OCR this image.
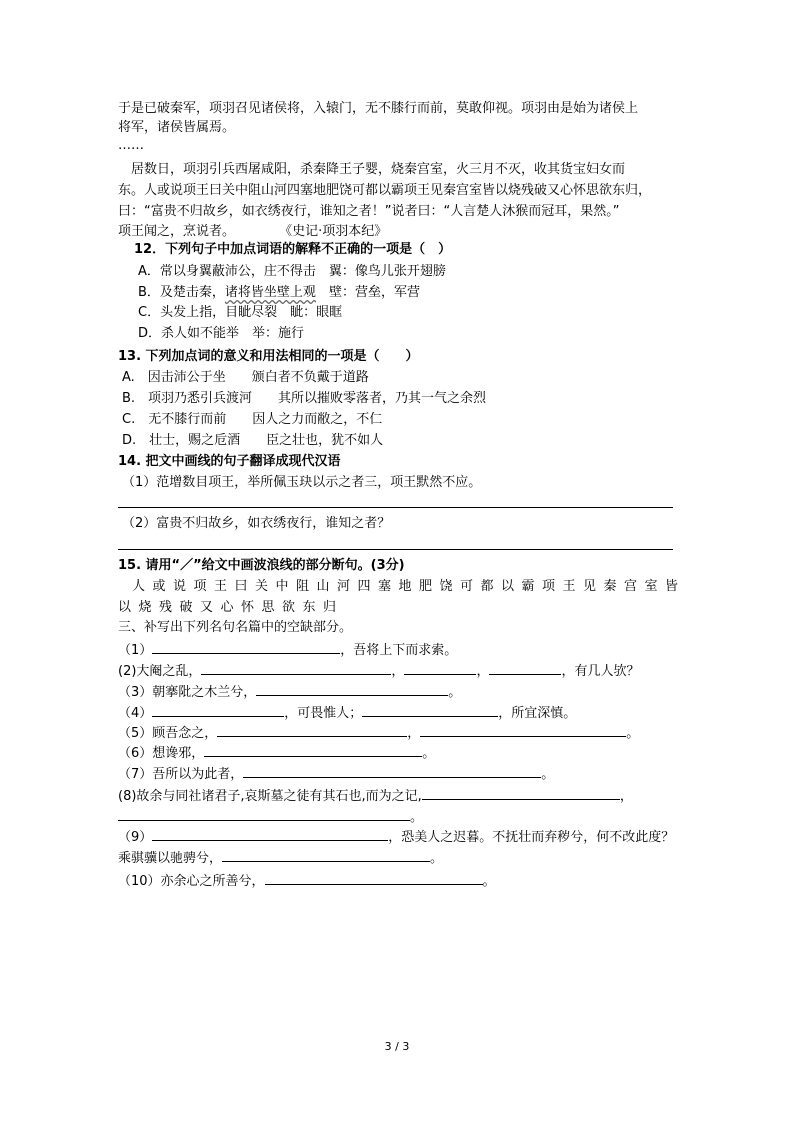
于是已破秦军，项羽召见诸侯将，入辕门，无不膝行而前，莫敢仰视。项羽由是始为诸侯上
将军，诸侯皆属焉。
……
　居数日，项羽引兵西屠咸阳，杀秦降王子婴，烧秦宫室，火三月不灭，收其货宝妇女而
东。人或说项王曰关中阻山河四塞地肥饶可都以霸项王见秦宫室皆以烧残破又心怀思欲东归，
曰：“富贵不归故乡，如衣绣夜行，谁知之者！”说者曰：“人言楚人沐猴而冠耳，果然。”
项王闻之，烹说者。	《史记·项羽本纪》
12．下列句子中加点词语的解释不正确的一项是（　）
A．常以身翼蔽沛公，庄不得击　翼：像鸟儿张开翅膀
B．及楚击秦，诸将皆坐壁上观　壁：营垒，军营
C．头发上指，目眦尽裂　眦：眼眶
D．杀人如不能举　举：施行
13. 下列加点词的意义和用法相同的一项是（　　）
A.　因击沛公于坐　　颁白者不负戴于道路
B.　项羽乃悉引兵渡河　　其所以摧败零落者，乃其一气之余烈
C.　无不膝行而前　　因人之力而敝之，不仁
D.　壮士，赐之卮酒　　臣之壮也，犹不如人
14. 把文中画线的句子翻译成现代汉语
（1）范增数目项王，举所佩玉玦以示之者三，项王默然不应。
（2）富贵不归故乡，如衣绣夜行，谁知之者？
15. 请用“／”给文中画波浪线的部分断句。(3分)
人或说项王曰关中阻山河四塞地肥饶可都以霸项王见秦宫室皆
以烧残破又心怀思欲东归
三、补写出下列名句名篇中的空缺部分。
（1）	，吾将上下而求索。
(2)大阉之乱，	，	，	，有几人欤？
（3）朝搴阰之木兰兮，	。
（4）	，可畏惟人；	，所宜深慎。
（5）顾吾念之，	，	。
（6）想谗邪，	。
（7）吾所以为此者，	。
(8)故余与同社诸君子,哀斯墓之徒有其石也,而为之记,	，
。
（9）	，恐美人之迟暮。不抚壮而弃秽兮，何不改此度？
乘骐骥以驰骋兮，	。
（10）亦余心之所善兮，	。
3 / 3
